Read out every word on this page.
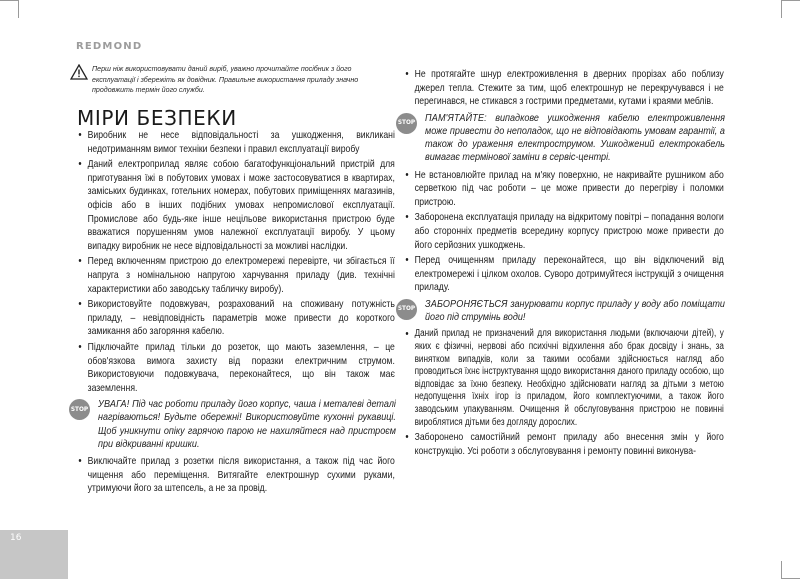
REDMOND
Перш ніж використовувати даний виріб, уважно прочитайте посібник з його експлуатації і збережіть як довідник. Правильне використання приладу значно продовжить термін його служби.
МІРИ БЕЗПЕКИ
• Виробник не несе відповідальності за ушкодження, викликані недотриманням вимог техніки безпеки і правил експлуатації виробу
• Даний електроприлад являє собою багатофункціональний пристрій для приготування їжі в побутових умовах і може застосовуватися в квартирах, заміських будинках, готельних номерах, побутових приміщеннях магазинів, офісів або в інших подібних умовах непромислової експлуатації. Промислове або будь-яке інше нецільове використання пристрою буде вважатися порушенням умов належної експлуатації виробу. У цьому випадку виробник не несе відповідальності за можливі наслідки.
• Перед включенням пристрою до електромережі перевірте, чи збігається її напруга з номінальною напругою харчування приладу (див. технічні характеристики або заводську табличку виробу).
• Використовуйте подовжувач, розрахований на споживану потужність приладу, – невідповідність параметрів може привести до короткого замикання або загоряння кабелю.
• Підключайте прилад тільки до розеток, що мають заземлення, – це обов'язкова вимога захисту від поразки електричним струмом. Використовуючи подовжувача, переконайтеся, що він також має заземлення.
STOP УВАГА! Під час роботи приладу його корпус, чаша і металеві деталі нагріваються! Будьте обережні! Використовуйте кухонні рукавиці. Щоб уникнути опіку гарячою парою не нахиляйтеся над пристроєм при відкриванні кришки.
• Виключайте прилад з розетки після використання, а також під час його чищення або переміщення. Витягайте електрошнур сухими руками, утримуючи його за штепсель, а не за провід.
• Не протягайте шнур електроживлення в дверних прорізах або поблизу джерел тепла. Стежите за тим, щоб електрошнур не перекручувався і не перегинався, не стикався з гострими предметами, кутами і краями меблів.
STOP ПАМ'ЯТАЙТЕ: випадкове ушкодження кабелю електроживлення може привести до неполадок, що не відповідають умовам гарантії, а також до ураження електрострумом. Ушкоджений електрокабель вимагає термінової заміни в сервіс-центрі.
• Не встановлюйте прилад на м'яку поверхню, не накривайте рушником або серветкою під час роботи – це може привести до перегріву і поломки пристрою.
• Заборонена експлуатація приладу на відкритому повітрі – попадання вологи або сторонніх предметів всередину корпусу пристрою може привести до його серйозних ушкоджень.
• Перед очищенням приладу переконайтеся, що він відключений від електромережі і цілком охолов. Суворо дотримуйтеся інструкцій з очищення приладу.
STOP ЗАБОРОНЯЄТЬСЯ занурювати корпус приладу у воду або поміщати його під струмінь води!
• Даний прилад не призначений для використання людьми (включаючи дітей), у яких є фізичні, нервові або психічні відхилення або брак досвіду і знань, за винятком випадків, коли за такими особами здійснюється нагляд або проводиться їхнє інструктування щодо використання даного приладу особою, що відповідає за їхню безпеку. Необхідно здійснювати нагляд за дітьми з метою недопущення їхніх ігор із приладом, його комплектуючими, а також його заводським упакуванням. Очищення й обслуговування пристрою не повинні вироблятися дітьми без догляду дорослих.
• Заборонено самостійний ремонт приладу або внесення змін у його конструкцію. Усі роботи з обслуговування і ремонту повинні виконува-
16
